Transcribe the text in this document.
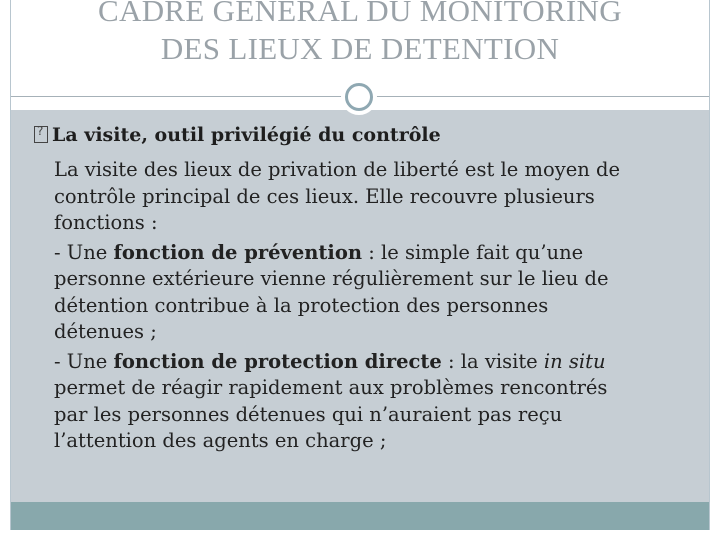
CADRE GENERAL DU MONITORING
DES LIEUX DE DETENTION
?La visite, outil privilégié du contrôle

La visite des lieux de privation de liberté est le moyen de

contrôle principal de ces lieux. Elle recouvre plusieurs

fonctions :

- Une fonction de prévention : le simple fait qu’une

personne extérieure vienne régulièrement sur le lieu de

détention contribue à la protection des personnes

détenues ;

- Une fonction de protection directe : la visite in situ

permet de réagir rapidement aux problèmes rencontrés

par les personnes détenues qui n’auraient pas reçu

l’attention des agents en charge ;
